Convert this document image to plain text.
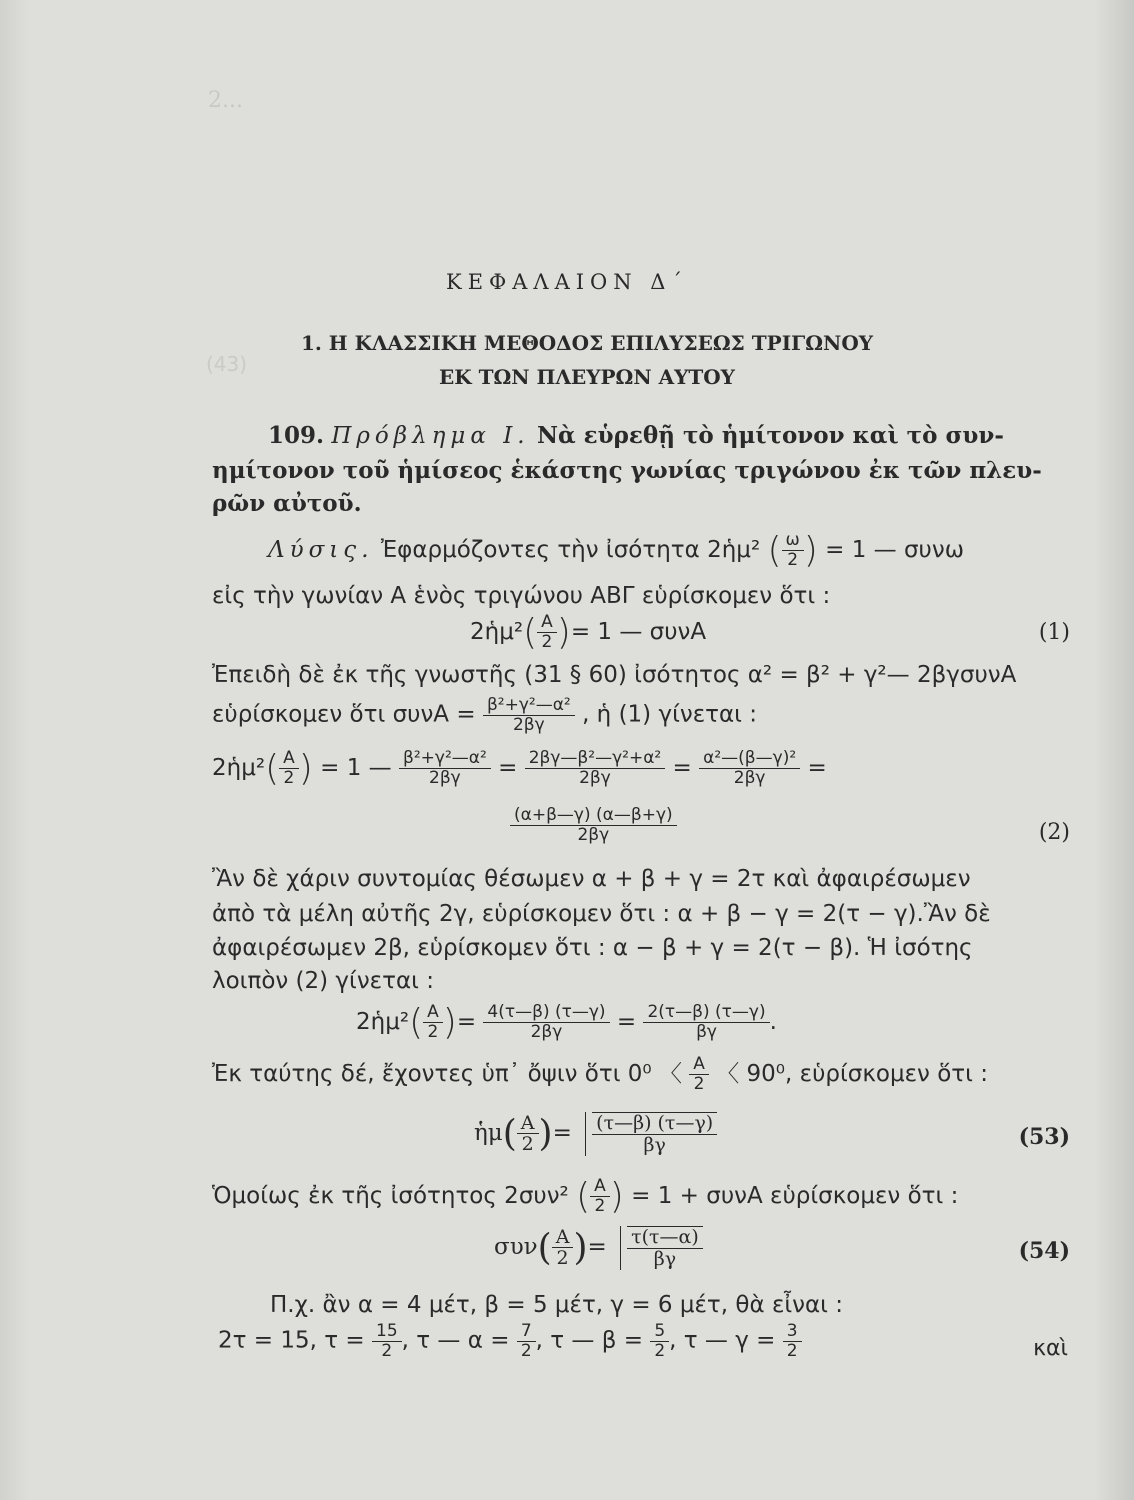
2...
(43)
ΚΕΦΑΛΑΙΟΝ Δ΄
1. Η ΚΛΑΣΣΙΚΗ ΜΕΘΟΔΟΣ ΕΠΙΛΥΣΕΩΣ ΤΡΙΓΩΝΟΥ
ΕΚ ΤΩΝ ΠΛΕΥΡΩΝ ΑΥΤΟΥ
109. Πρόβλημα Ι. Νὰ εὑρεθῇ τὸ ἡμίτονον καὶ τὸ συν-
ημίτονον τοῦ ἡμίσεος ἑκάστης γωνίας τριγώνου ἐκ τῶν πλευ-
ρῶν αὐτοῦ.
Λύσις. Ἐφαρμόζοντες τὴν ἰσότητα 2ἡμ² ( $\frac{\omega}{2}$ ) = 1 — συνω
εἰς τὴν γωνίαν Α ἑνὸς τριγώνου ΑΒΓ εὑρίσκομεν ὅτι :
2ἡμ²( $\frac{A}{2}$ )= 1 — συνΑ	(1)
Ἐπειδὴ δὲ ἐκ τῆς γνωστῆς (31 § 60) ἰσότητος α² = β² + γ²— 2βγσυνΑ
εὑρίσκομεν ὅτι $\sigma\upsilon\nu A = \frac{\text{β²+γ²—α²}}{2\beta\gamma}$ , ἡ (1) γίνεται :
2ἡμ²( $\frac{A}{2}$ ) = 1 — $\frac{\text{β²+γ²—α²}}{2\beta\gamma} = \frac{\text{2βγ—β²—γ²+α²}}{2\beta\gamma} = \frac{\text{α²—(β—γ)²}}{2\beta\gamma}$ =
$\frac{(\alpha+\beta—\gamma) (\alpha—\beta+\gamma)}{2\beta\gamma}$	(2)
Ἂν δὲ χάριν συντομίας θέσωμεν α + β + γ = 2τ καὶ ἀφαιρέσωμεν
ἀπὸ τὰ μέλη αὐτῆς 2γ, εὑρίσκομεν ὅτι : α + β − γ = 2(τ − γ).Ἂν δὲ
ἀφαιρέσωμεν 2β, εὑρίσκομεν ὅτι : α − β + γ = 2(τ − β). Ἡ ἰσότης
λοιπὸν (2) γίνεται :
2ἡμ²( $\frac{A}{2}$ )= $\frac{4(\tau—\beta) (\tau—\gamma)}{2\beta\gamma} = \frac{2(\tau—\beta) (\tau—\gamma)}{\beta\gamma}$ .
Ἐκ ταύτης δέ, ἔχοντες ὑπ᾿ ὄψιν ὅτι 0⁰ 〈 $\frac{A}{2}$ 〈 90⁰, εὑρίσκομεν ὅτι :
ἡμ( $\frac{A}{2}$ )= $\frac{(\tau—\beta) (\tau—\gamma)}{\beta\gamma}$	(53)
Ὁμοίως ἐκ τῆς ἰσότητος 2συν² ( $\frac{A}{2}$ ) = 1 + συνΑ εὑρίσκομεν ὅτι :
$\sigma\upsilon\nu( \frac{A}{2}$ )= $\frac{\tau(\tau—\alpha)}{\beta\gamma}$	(54)
Π.χ. ἂν α = 4 μέτ, β = 5 μέτ, γ = 6 μέτ, θὰ εἶναι :
2τ = 15, $\tau = \frac{15}{2}$ , τ — $\alpha = \frac{7}{2}$ , τ — $\beta = \frac{5}{2}$ , τ — $\gamma = \frac{3}{2}$	καὶ
